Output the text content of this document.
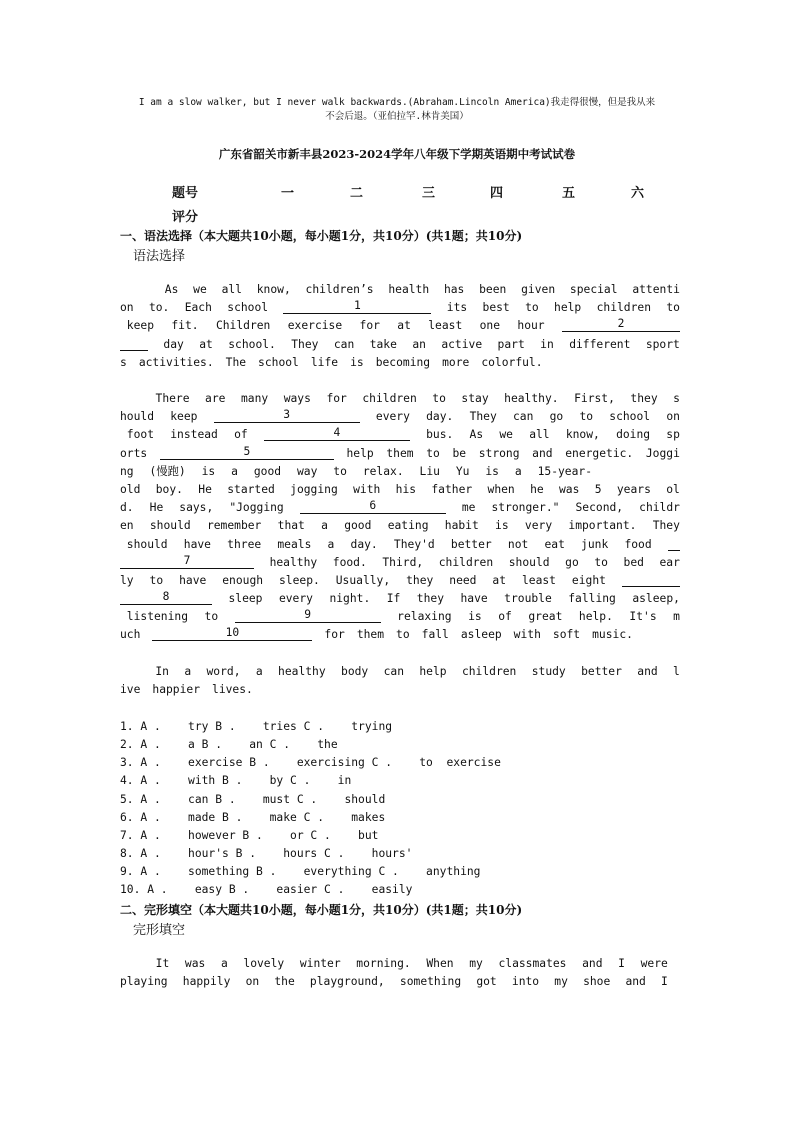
I am a slow walker, but I never walk backwards.(Abraham.Lincoln America)我走得很慢，但是我从来
不会后退。（亚伯拉罕.林肯美国）
广东省韶关市新丰县2023-2024学年八年级下学期英语期中考试试卷
题号	一	二	三	四	五	六
评分
一、语法选择（本大题共10小题，每小题1分，共10分）(共1题；共10分)
语法选择
As we all know, children’s health has been given special attenti
on to. Each school	1	its best to help children to
keep fit. Children exercise for at least one hour	2
day at school. They can take an active part in different sport
s activities. The school life is becoming more colorful.
There are many ways for children to stay healthy. First, they s
hould keep	3	every day. They can go to school on
foot instead of	4	bus. As we all know, doing sp
orts	5	help them to be strong and energetic. Joggi
ng (慢跑) is a good way to relax. Liu Yu is a 15-year-
old boy. He started jogging with his father when he was 5 years ol
d. He says, "Jogging	6	me stronger." Second, childr
en should remember that a good eating habit is very important. They
should have three meals a day. They'd better not eat junk food
7	healthy food. Third, children should go to bed ear
ly to have enough sleep. Usually, they need at least eight
8	sleep every night. If they have trouble falling asleep,
listening to	9	relaxing is of great help. It's m
uch	10	for them to fall asleep with soft music.
In a word, a healthy body can help children study better and l
ive happier lives.
1. A .    try B .    tries C .    trying
2. A .    a B .    an C .    the
3. A .    exercise B .    exercising C .    to  exercise
4. A .    with B .    by C .    in
5. A .    can B .    must C .    should
6. A .    made B .    make C .    makes
7. A .    however B .    or C .    but
8. A .    hour's B .    hours C .    hours'
9. A .    something B .    everything C .    anything
10. A .    easy B .    easier C .    easily
二、完形填空（本大题共10小题，每小题1分，共10分）(共1题；共10分)
完形填空
It was a lovely winter morning. When my classmates and I were
playing happily on the playground, something got into my shoe and I
